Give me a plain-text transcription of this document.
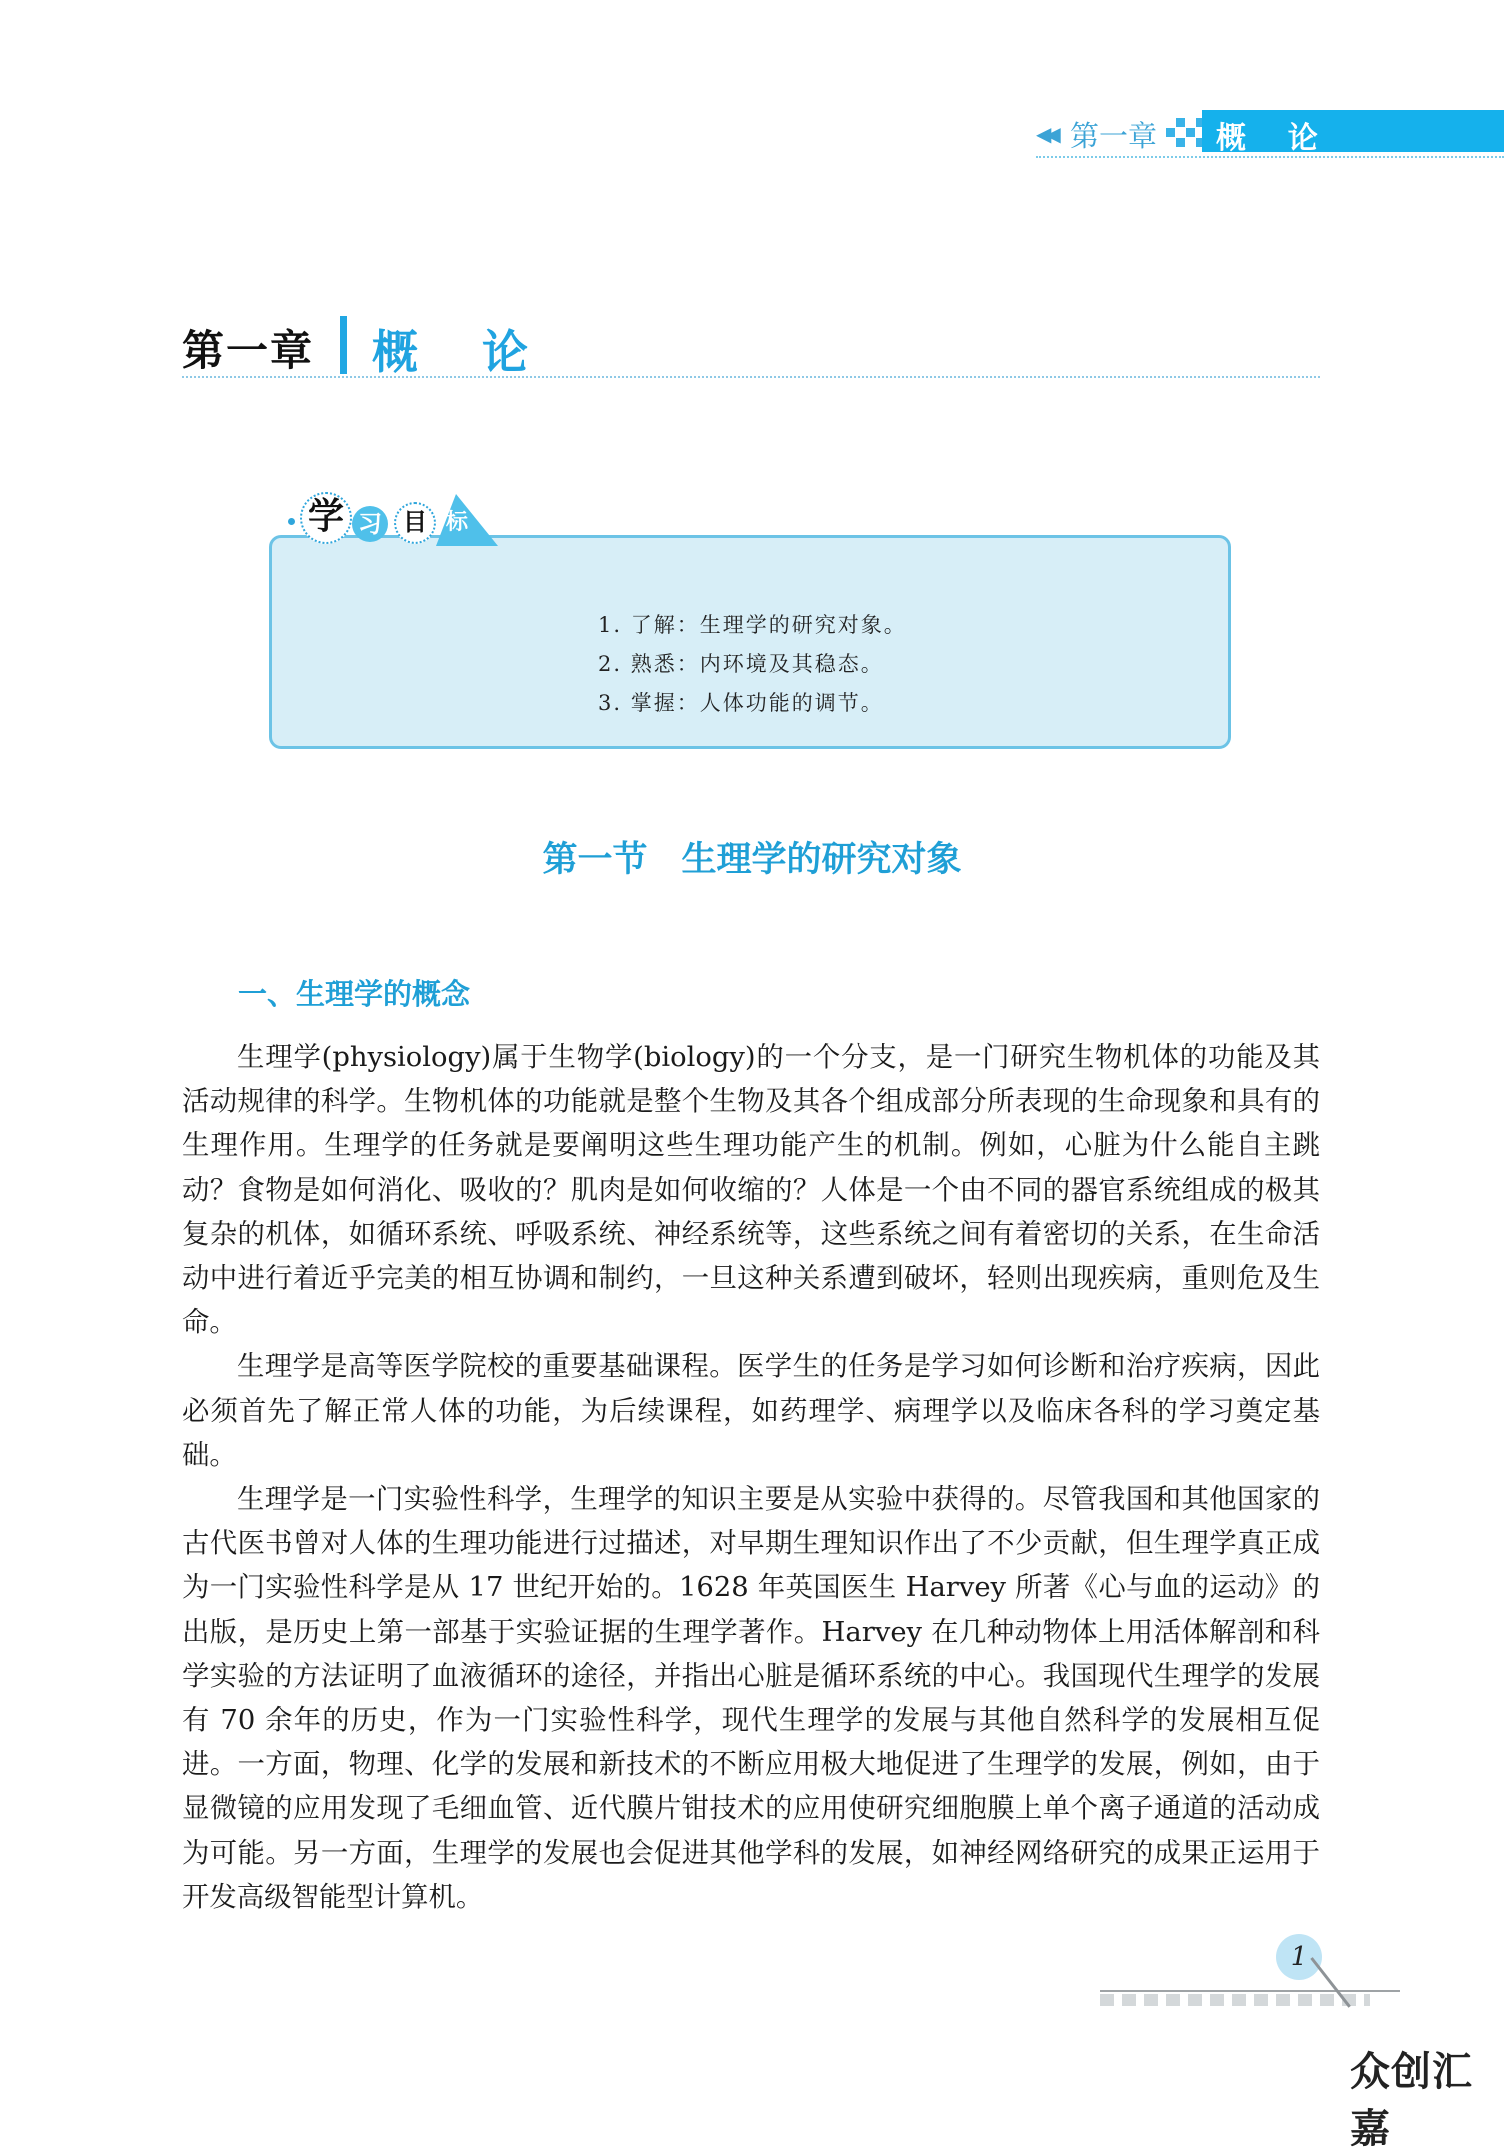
◀◀ 第一章 概    论
第一章 概    论
学 习 目 标
1. 了解：生理学的研究对象。
2. 熟悉：内环境及其稳态。
3. 掌握：人体功能的调节。
第一节 生理学的研究对象
一、生理学的概念

生理学(physiology)属于生物学(biology)的一个分支，是一门研究生物机体的功能及其活动规律的科学。生物机体的功能就是整个生物及其各个组成部分所表现的生命现象和具有的生理作用。生理学的任务就是要阐明这些生理功能产生的机制。例如，心脏为什么能自主跳动？食物是如何消化、吸收的？肌肉是如何收缩的？人体是一个由不同的器官系统组成的极其复杂的机体，如循环系统、呼吸系统、神经系统等，这些系统之间有着密切的关系，在生命活动中进行着近乎完美的相互协调和制约，一旦这种关系遭到破坏，轻则出现疾病，重则危及生命。

生理学是高等医学院校的重要基础课程。医学生的任务是学习如何诊断和治疗疾病，因此必须首先了解正常人体的功能，为后续课程，如药理学、病理学以及临床各科的学习奠定基础。

生理学是一门实验性科学，生理学的知识主要是从实验中获得的。尽管我国和其他国家的古代医书曾对人体的生理功能进行过描述，对早期生理知识作出了不少贡献，但生理学真正成为一门实验性科学是从 17 世纪开始的。1628 年英国医生 Harvey 所著《心与血的运动》的出版，是历史上第一部基于实验证据的生理学著作。Harvey 在几种动物体上用活体解剖和科学实验的方法证明了血液循环的途径，并指出心脏是循环系统的中心。我国现代生理学的发展有 70 余年的历史，作为一门实验性科学，现代生理学的发展与其他自然科学的发展相互促进。一方面，物理、化学的发展和新技术的不断应用极大地促进了生理学的发展，例如，由于显微镜的应用发现了毛细血管、近代膜片钳技术的应用使研究细胞膜上单个离子通道的活动成为可能。另一方面，生理学的发展也会促进其他学科的发展，如神经网络研究的成果正运用于开发高级智能型计算机。

1
众创汇嘉
